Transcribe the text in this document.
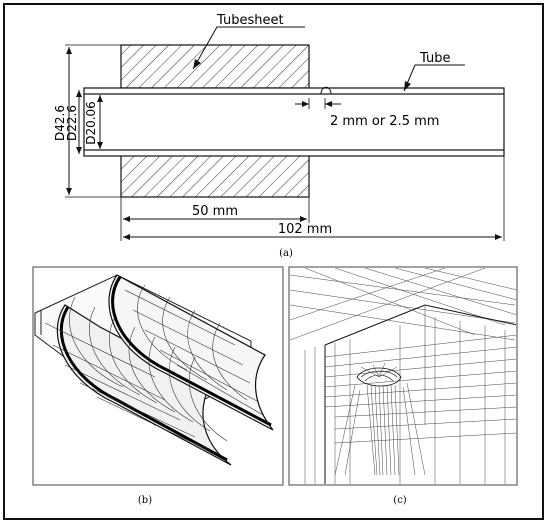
D42.6
D22.6 D20.06
Tubesheet
Tube
2 mm or 2.5 mm
50 mm
102 mm
(a)
(b)	(c)
